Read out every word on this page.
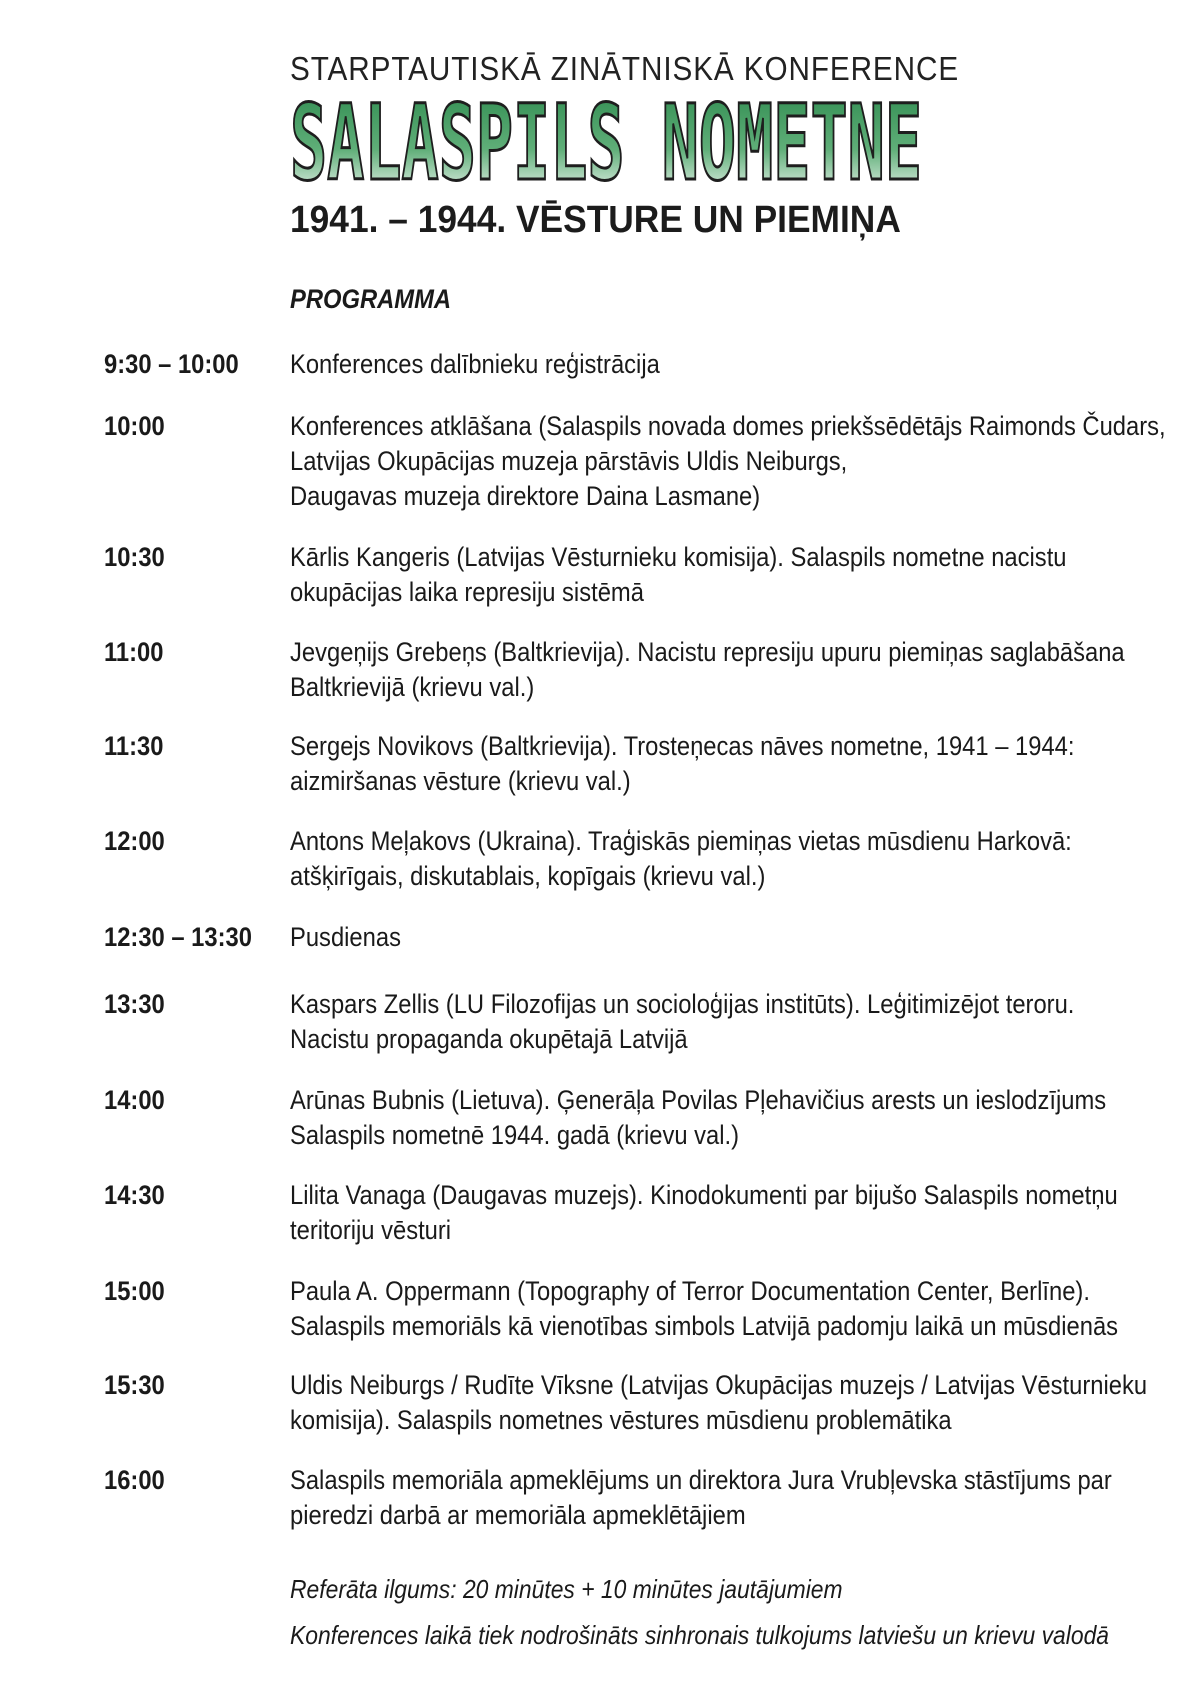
STARPTAUTISKĀ ZINĀTNISKĀ KONFERENCE
SALASPILS NOMETNE
1941. – 1944. VĒSTURE UN PIEMIŅA
PROGRAMMA
9:30 – 10:00 Konferences dalībnieku reģistrācija
10:00	Konferences atklāšana (Salaspils novada domes priekšsēdētājs Raimonds Čudars,
Latvijas Okupācijas muzeja pārstāvis Uldis Neiburgs,
Daugavas muzeja direktore Daina Lasmane)
10:30	Kārlis Kangeris (Latvijas Vēsturnieku komisija). Salaspils nometne nacistu
okupācijas laika represiju sistēmā
11:00	Jevgeņijs Grebeņs (Baltkrievija). Nacistu represiju upuru piemiņas saglabāšana
Baltkrievijā (krievu val.)
11:30	Sergejs Novikovs (Baltkrievija). Trosteņecas nāves nometne, 1941 – 1944:
aizmiršanas vēsture (krievu val.)
12:00	Antons Meļakovs (Ukraina). Traģiskās piemiņas vietas mūsdienu Harkovā:
atšķirīgais, diskutablais, kopīgais (krievu val.)
12:30 – 13:30 Pusdienas
13:30	Kaspars Zellis (LU Filozofijas un socioloģijas institūts). Leģitimizējot teroru.
Nacistu propaganda okupētajā Latvijā
14:00	Arūnas Bubnis (Lietuva). Ģenerāļa Povilas Pļehavičius arests un ieslodzījums
Salaspils nometnē 1944. gadā (krievu val.)
14:30	Lilita Vanaga (Daugavas muzejs). Kinodokumenti par bijušo Salaspils nometņu
teritoriju vēsturi
15:00	Paula A. Oppermann (Topography of Terror Documentation Center, Berlīne).
Salaspils memoriāls kā vienotības simbols Latvijā padomju laikā un mūsdienās
15:30	Uldis Neiburgs / Rudīte Vīksne (Latvijas Okupācijas muzejs / Latvijas Vēsturnieku
komisija). Salaspils nometnes vēstures mūsdienu problemātika
16:00	Salaspils memoriāla apmeklējums un direktora Jura Vrubļevska stāstījums par
pieredzi darbā ar memoriāla apmeklētājiem
Referāta ilgums: 20 minūtes + 10 minūtes jautājumiem
Konferences laikā tiek nodrošināts sinhronais tulkojums latviešu un krievu valodā
